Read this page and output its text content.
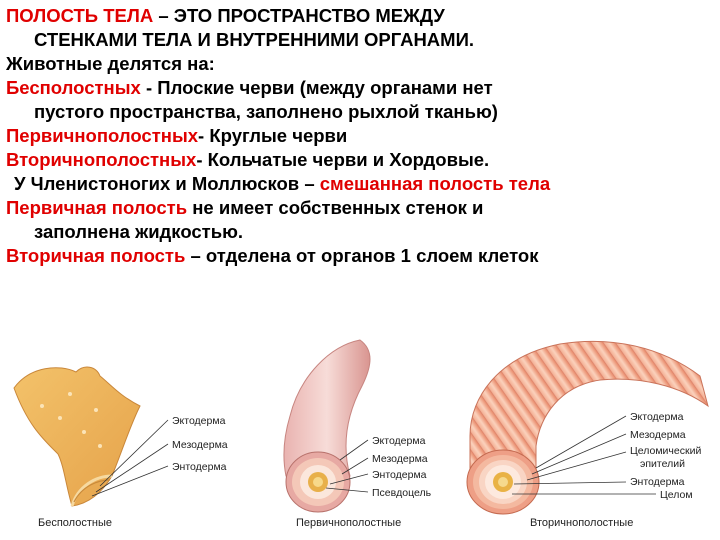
ПОЛОСТЬ ТЕЛА – ЭТО ПРОСТРАНСТВО МЕЖДУ
СТЕНКАМИ ТЕЛА И ВНУТРЕННИМИ ОРГАНАМИ.

Животные делятся на:

Бесполостных - Плоские черви (между органами нет
пустого пространства, заполнено рыхлой тканью)

Первичнополостных- Круглые черви

Вторичнополостных- Кольчатые черви и Хордовые.

У Членистоногих и Моллюсков – смешанная полость тела

Первичная полость не имеет собственных стенок и
заполнена жидкостью.

Вторичная полость – отделена от органов 1 слоем клеток

Эктодерма
Мезодерма
Энтодерма
Бесполостные
Эктодерма
Мезодерма
Энтодерма
Псевдоцель
Первичнополостные
Эктодерма
Мезодерма
Целомический
эпителий
Энтодерма
Целом
Вторичнополостные
